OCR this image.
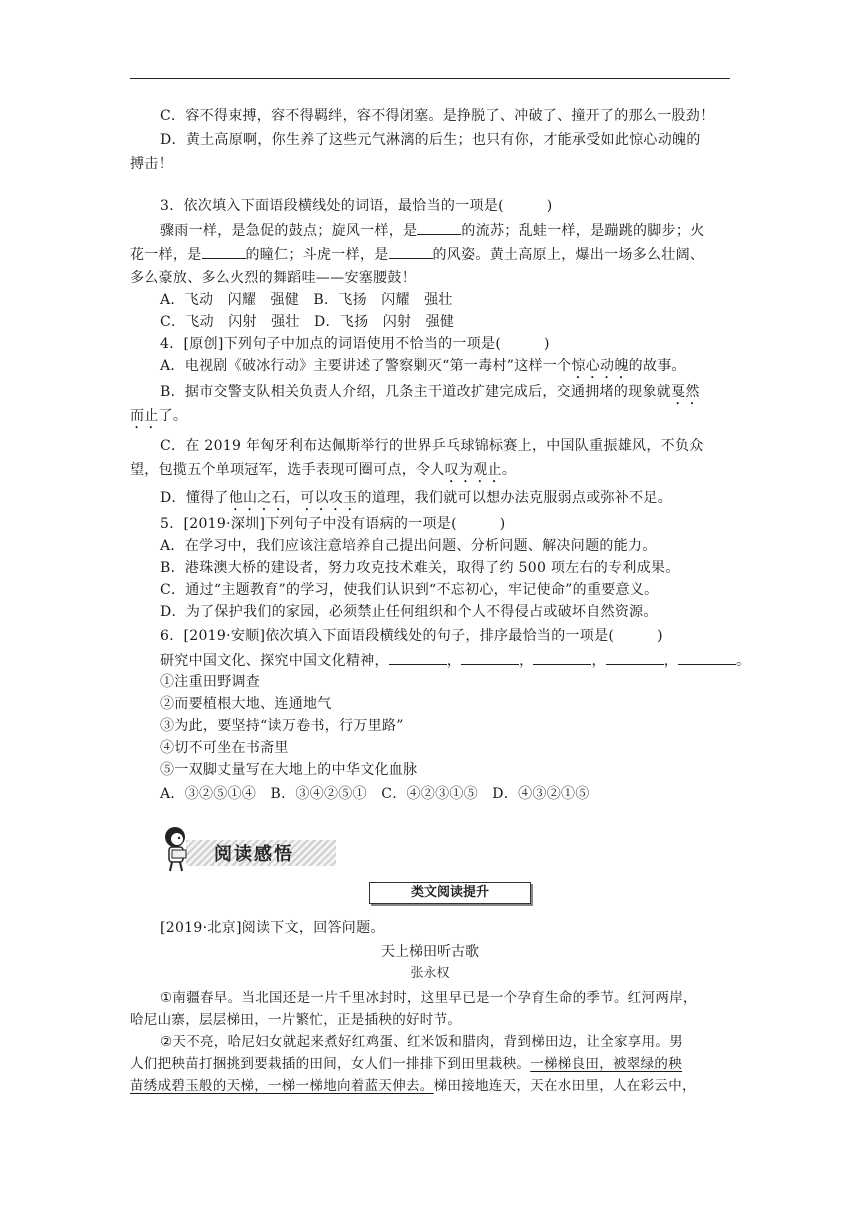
C．容不得束搏，容不得羁绊，容不得闭塞。是挣脱了、冲破了、撞开了的那么一股劲！
D．黄土高原啊，你生养了这些元气淋漓的后生；也只有你，才能承受如此惊心动魄的
搏击！
3．依次填入下面语段横线处的词语，最恰当的一项是(　　　)
骤雨一样，是急促的鼓点；旋风一样，是	的流苏；乱蛙一样，是蹦跳的脚步；火
花一样，是	的瞳仁；斗虎一样，是	的风姿。黄土高原上，爆出一场多么壮阔、
多么豪放、多么火烈的舞蹈哇——安塞腰鼓！
A．飞动　闪耀　强健　B．飞扬　闪耀　强壮
C．飞动　闪射　强壮　D．飞扬　闪射　强健
4．[原创]下列句子中加点的词语使用不恰当的一项是(　　　)
A．电视剧《破冰行动》主要讲述了警察剿灭“第一毒村”这样一个惊心动魄的故事。
B．据市交警支队相关负责人介绍，几条主干道改扩建完成后，交通拥堵的现象就戛然
而止了。
C．在 2019 年匈牙利布达佩斯举行的世界乒乓球锦标赛上，中国队重振雄风，不负众
望，包揽五个单项冠军，选手表现可圈可点，令人叹为观止。
D．懂得了他山之石，可以攻玉的道理，我们就可以想办法克服弱点或弥补不足。
5．[2019·深圳]下列句子中没有语病的一项是(　　　)
A．在学习中，我们应该注意培养自己提出问题、分析问题、解决问题的能力。
B．港珠澳大桥的建设者，努力攻克技术难关，取得了约 500 项左右的专利成果。
C．通过“主题教育”的学习，使我们认识到“不忘初心，牢记使命”的重要意义。
D．为了保护我们的家园，必须禁止任何组织和个人不得侵占或破坏自然资源。
6．[2019·安顺]依次填入下面语段横线处的句子，排序最恰当的一项是(　　　)
研究中国文化、探究中国文化精神，	，	，	，	，	。
①注重田野调查
②而要植根大地、连通地气
③为此，要坚持“读万卷书，行万里路”
④切不可坐在书斋里
⑤一双脚丈量写在大地上的中华文化血脉
A．③②⑤①④　B．③④②⑤①　C．④②③①⑤　D．④③②①⑤
阅读感悟
类文阅读提升
[2019·北京]阅读下文，回答问题。
天上梯田听古歌
张永权
①南疆春早。当北国还是一片千里冰封时，这里早已是一个孕育生命的季节。红河两岸，
哈尼山寨，层层梯田，一片繁忙，正是插秧的好时节。
②天不亮，哈尼妇女就起来煮好红鸡蛋、红米饭和腊肉，背到梯田边，让全家享用。男
人们把秧苗打捆挑到要栽插的田间，女人们一排排下到田里栽秧。一梯梯良田，被翠绿的秧
苗绣成碧玉般的天梯，一梯一梯地向着蓝天伸去。梯田接地连天，天在水田里，人在彩云中，
